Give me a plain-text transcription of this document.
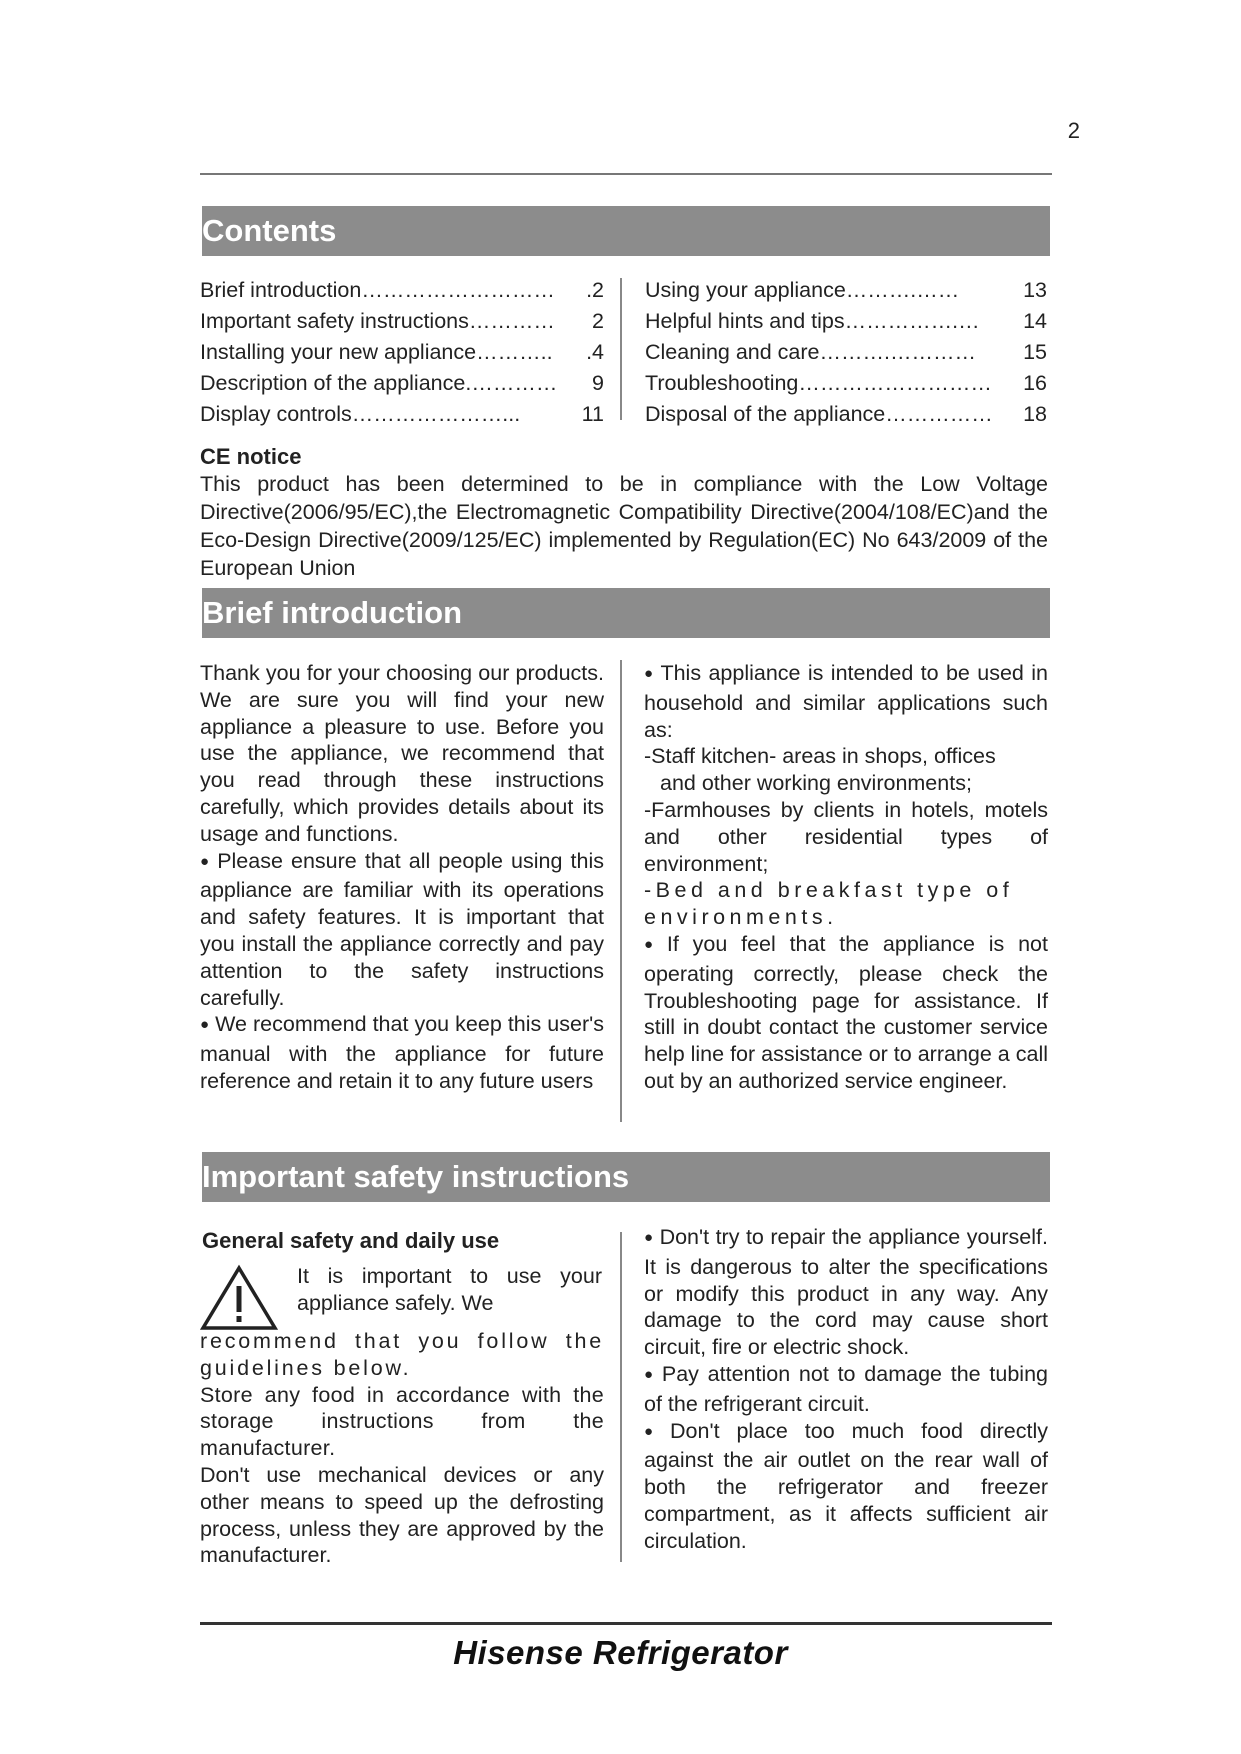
2
Contents
Brief introduction……………………… .2
Important safety instructions………… 2
Installing your new appliance……….. .4
Description of the appliance.………… 9
Display controls…………………...	11
Using your appliance……….……	13
Helpful hints and tips…………….… 14
Cleaning and care……….………… 15
Troubleshooting……………………… 16
Disposal of the appliance…………… 18
CE notice
This product has been determined to be in compliance with the Low Voltage Directive(2006/95/EC),the Electromagnetic Compatibility Directive(2004/108/EC)and the Eco-Design Directive(2009/125/EC) implemented by Regulation(EC) No 643/2009 of the European Union
Brief introduction

Thank you for your choosing our products. We are sure you will find your new appliance a pleasure to use. Before you use the appliance, we recommend that you read through these instructions carefully, which provides details about its usage and functions.

● Please ensure that all people using this appliance are familiar with its operations and safety features. It is important that you install the appliance correctly and pay attention to the safety instructions carefully.

● We recommend that you keep this user's manual with the appliance for future reference and retain it to any future users

● This appliance is intended to be used in household and similar applications such as:

-Staff kitchen- areas in shops, offices

and other working environments;

-Farmhouses by clients in hotels, motels and other residential types of environment;

-Bed and breakfast type of environments.

● If you feel that the appliance is not operating correctly, please check the Troubleshooting page for assistance. If still in doubt contact the customer service help line for assistance or to arrange a call out by an authorized service engineer.

Important safety instructions
General safety and daily use
It is important to use your appliance safely. We

recommend that you follow the guidelines below.

Store any food in accordance with the storage instructions from the manufacturer.

Don't use mechanical devices or any other means to speed up the defrosting process, unless they are approved by the manufacturer.

● Don't try to repair the appliance yourself. It is dangerous to alter the specifications or modify this product in any way. Any damage to the cord may cause short circuit, fire or electric shock.

● Pay attention not to damage the tubing of the refrigerant circuit.

● Don't place too much food directly against the air outlet on the rear wall of both the refrigerator and freezer compartment, as it affects sufficient air circulation.

Hisense Refrigerator
